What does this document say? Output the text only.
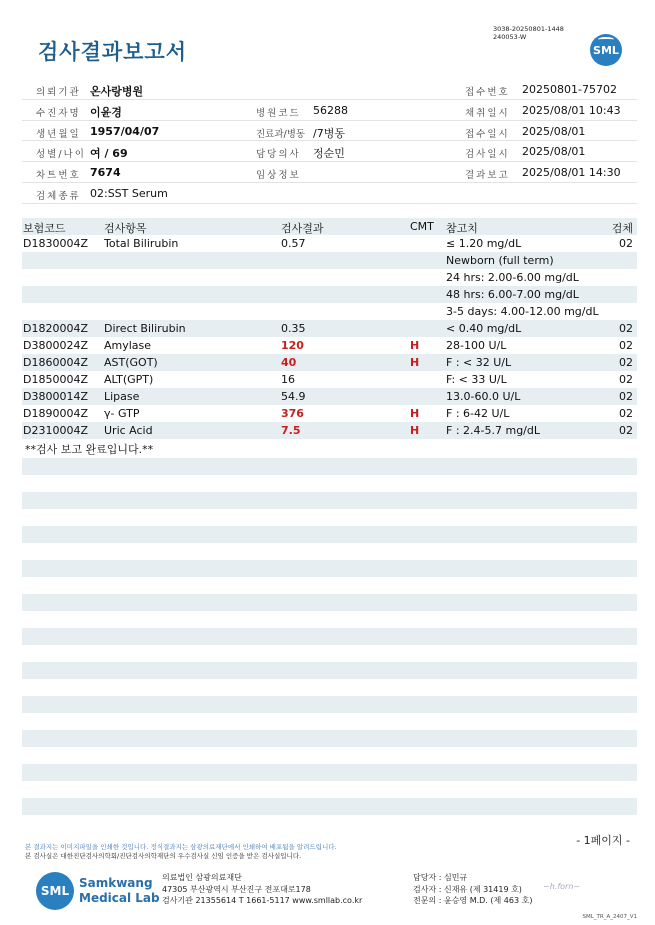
검사결과보고서
3038-20250801-1448
240053-W
SML
의뢰기관 온사랑병원	접수번호 20250801-75702
수진자명 이윤경	병원코드 56288	채취일시 2025/08/01 10:43
생년월일 1957/04/07	진료과/병동 /7병동	접수일시 2025/08/01
성별/나이 여 / 69	담당의사 정순민	검사일시 2025/08/01
차트번호 7674	임상정보	결과보고 2025/08/01 14:30
검체종류 02:SST Serum
보험코드	검사항목	검사결과	CMT 참고치	검체
D1830004Z Total Bilirubin	0.57	≤ 1.20 mg/dL	02
Newborn (full term)
24 hrs: 2.00-6.00 mg/dL
48 hrs: 6.00-7.00 mg/dL
3-5 days: 4.00-12.00 mg/dL
D1820004Z Direct Bilirubin	0.35	< 0.40 mg/dL	02
D3800024Z Amylase	120	H 28-100 U/L	02
D1860004Z AST(GOT)	40	H F : < 32 U/L	02
D1850004Z ALT(GPT)	16	F: < 33 U/L	02
D3800014Z Lipase	54.9	13.0-60.0 U/L	02
D1890004Z γ- GTP	376	H F : 6-42 U/L	02
D2310004Z Uric Acid	7.5	H F : 2.4-5.7 mg/dL	02
**검사 보고 완료입니다.**
- 1페이지 -
본 결과지는 이미지파일을 인쇄한 것입니다. 정식결과지는 삼광의료재단에서 인쇄하여 배포됨을 알려드립니다.
본 검사실은 대한진단검사의학회/진단검사의학재단의 우수검사실 신임 인증을 받은 검사실입니다.
SML
Samkwang
Medical Lab
의료법인 삼광의료재단
47305 부산광역시 부산진구 전포대로178
검사기관 21355614 T 1661-5117 www.smllab.co.kr
담당자 : 심민규
검사자 : 신재유 (제 31419 호)
전문의 : 윤승영 M.D. (제 463 호)
~h.forn~
SML_TR_A_2407_V1
